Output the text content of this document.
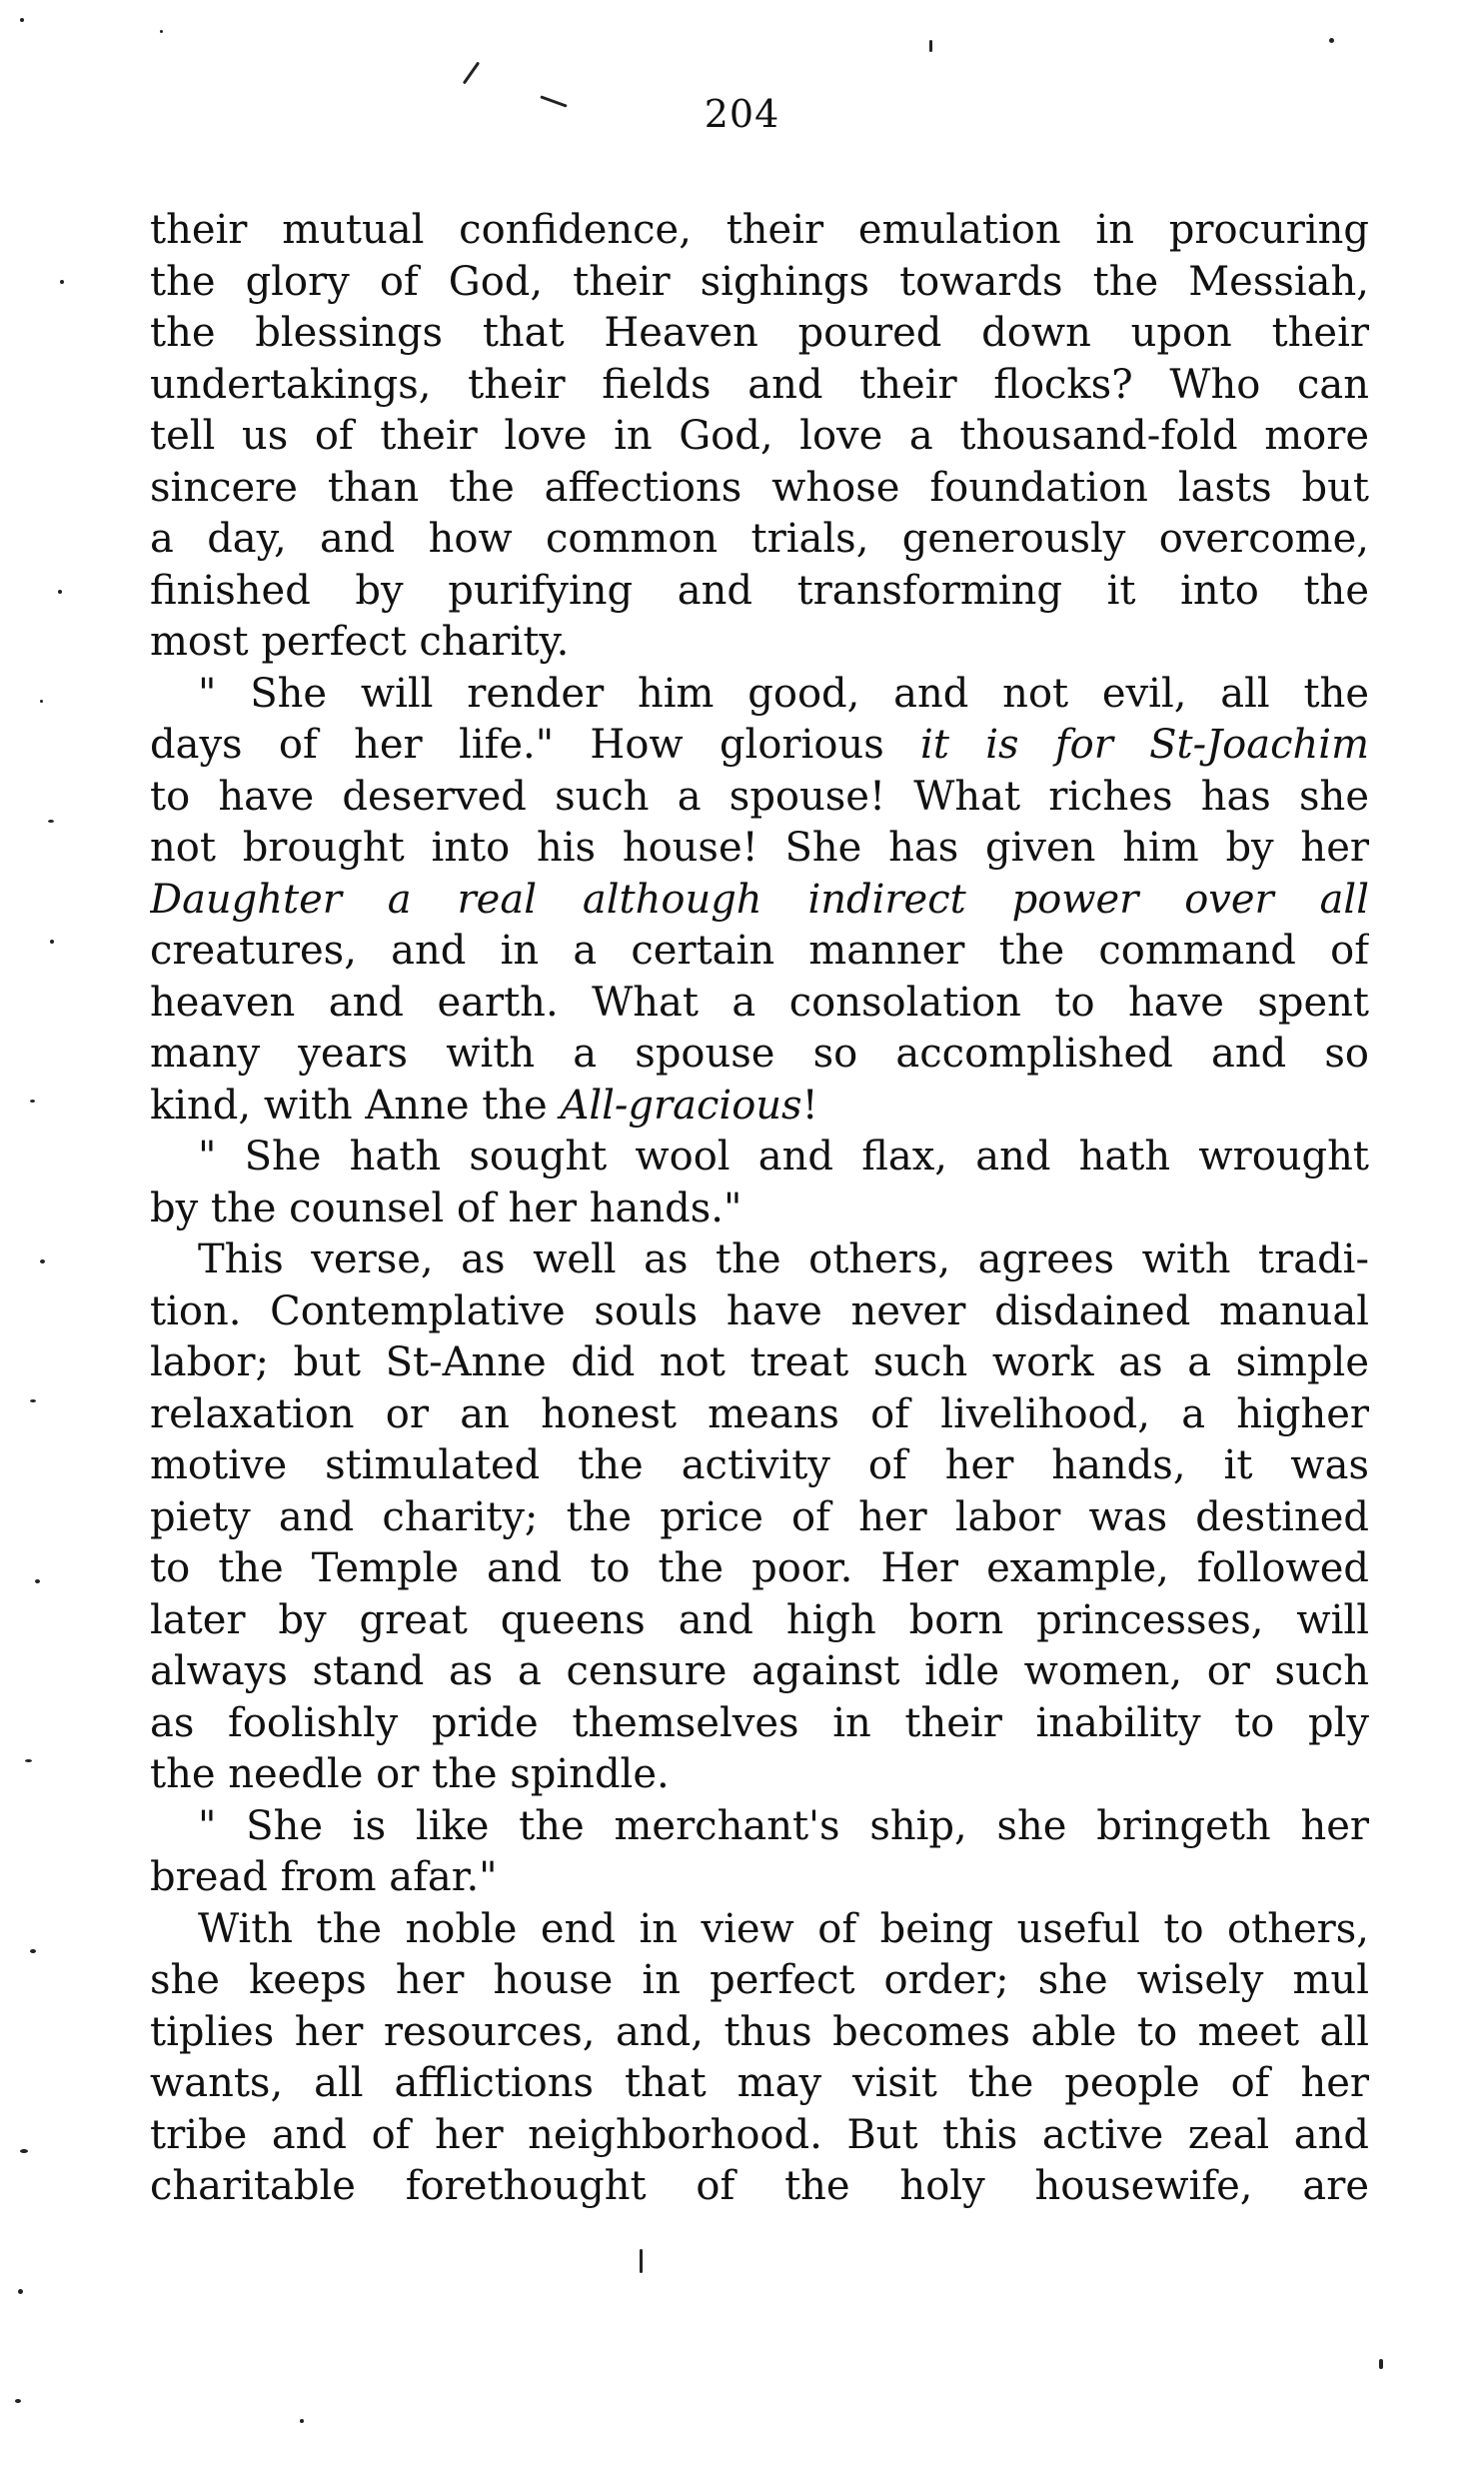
204
their mutual confidence, their emulation in procuring
the glory of God, their sighings towards the Messiah,
the blessings that Heaven poured down upon their
undertakings, their fields and their flocks? Who can
tell us of their love in God, love a thousand-fold more
sincere than the affections whose foundation lasts but
a day, and how common trials, generously overcome,
finished by purifying and transforming it into the
most perfect charity.
" She will render him good, and not evil, all the
days of her life." How glorious it is for St-Joachim
to have deserved such a spouse! What riches has she
not brought into his house! She has given him by her
Daughter a real although indirect power over all
creatures, and in a certain manner the command of
heaven and earth. What a consolation to have spent
many years with a spouse so accomplished and so
kind, with Anne the All-gracious!
" She hath sought wool and flax, and hath wrought
by the counsel of her hands."
This verse, as well as the others, agrees with tradi-
tion. Contemplative souls have never disdained manual
labor; but St-Anne did not treat such work as a simple
relaxation or an honest means of livelihood, a higher
motive stimulated the activity of her hands, it was
piety and charity; the price of her labor was destined
to the Temple and to the poor. Her example, followed
later by great queens and high born princesses, will
always stand as a censure against idle women, or such
as foolishly pride themselves in their inability to ply
the needle or the spindle.
" She is like the merchant's ship, she bringeth her
bread from afar."
With the noble end in view of being useful to others,
she keeps her house in perfect order; she wisely mul
tiplies her resources, and, thus becomes able to meet all
wants, all afflictions that may visit the people of her
tribe and of her neighborhood. But this active zeal and
charitable forethought of the holy housewife, are
